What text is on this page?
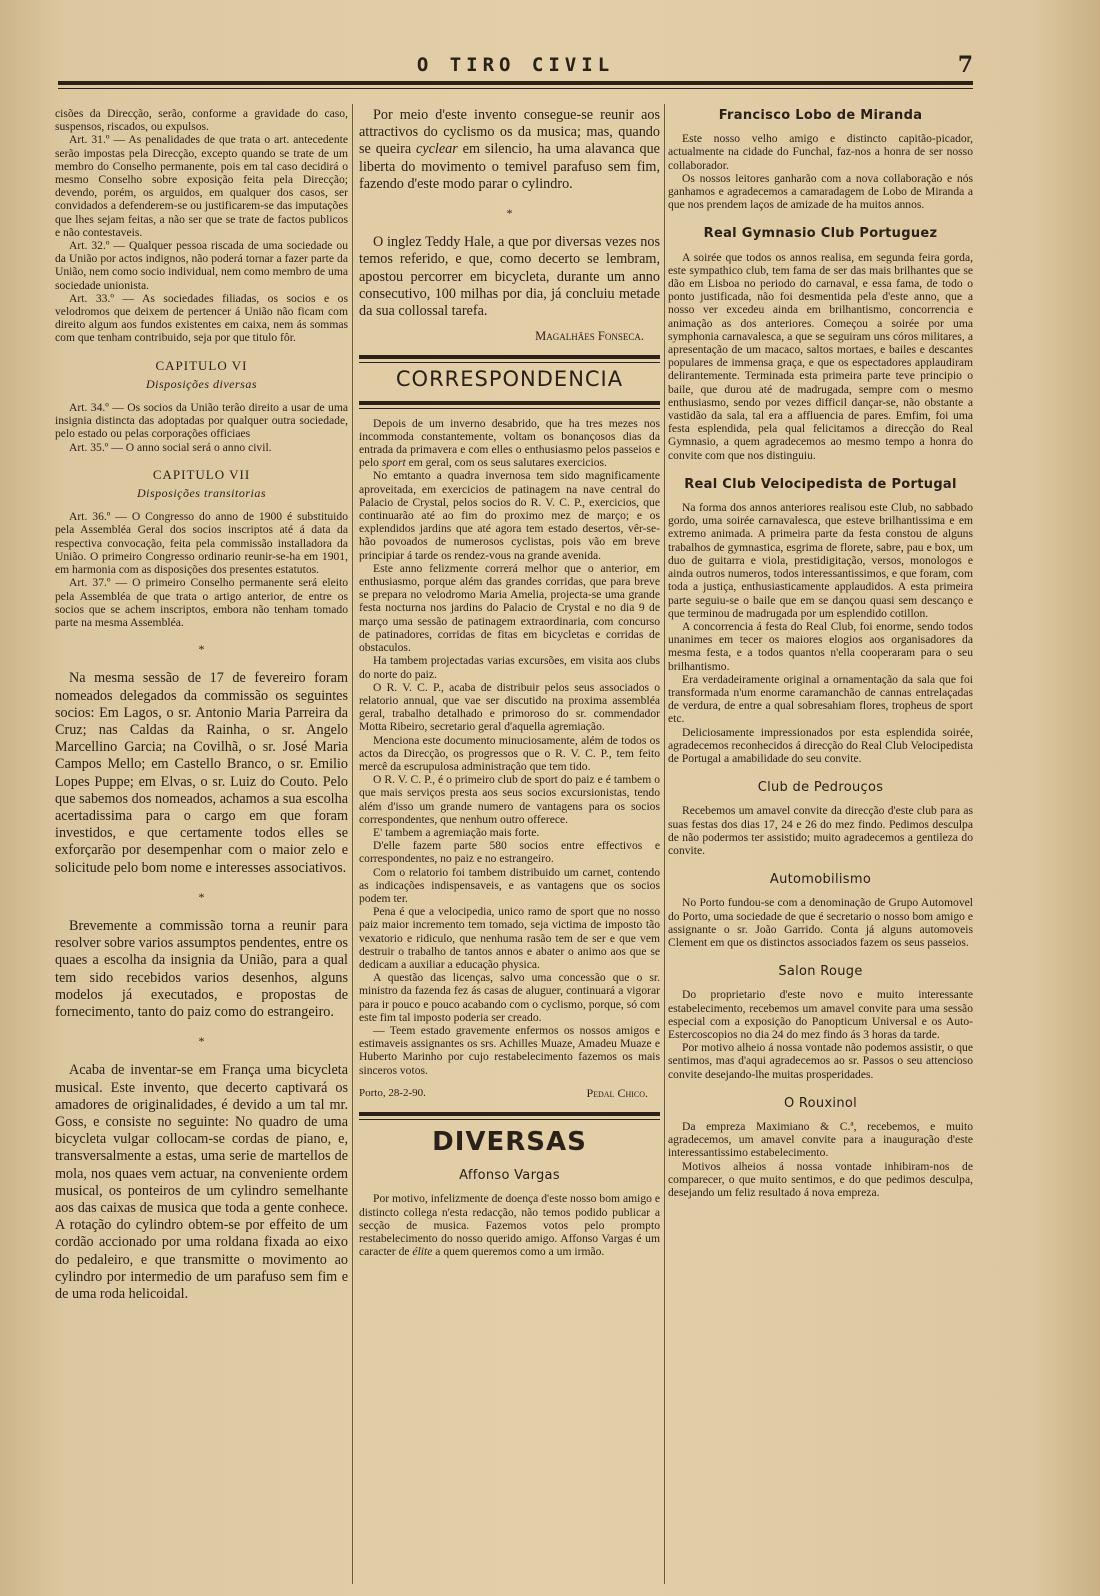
O TIRO CIVIL	7

cisões da Direcção, serão, conforme a gravidade do caso, suspensos, riscados, ou expulsos.

Art. 31.º — As penalidades de que trata o art. antecedente serão impostas pela Direcção, excepto quando se trate de um membro do Conselho permanente, pois em tal caso decidirá o mesmo Conselho sobre exposição feita pela Direcção; devendo, porém, os arguidos, em qualquer dos casos, ser convidados a defenderem-se ou justificarem-se das imputações que lhes sejam feitas, a não ser que se trate de factos publicos e não contestaveis.

Art. 32.º — Qualquer pessoa riscada de uma sociedade ou da União por actos indignos, não poderá tornar a fazer parte da União, nem como socio individual, nem como membro de uma sociedade unionista.

Art. 33.º — As sociedades filiadas, os socios e os velodromos que deixem de pertencer á União não ficam com direito algum aos fundos existentes em caixa, nem ás sommas com que tenham contribuido, seja por que titulo fôr.

CAPITULO VI
Disposições diversas

Art. 34.º — Os socios da União terão direito a usar de uma insignia distincta das adoptadas por qualquer outra sociedade, pelo estado ou pelas corporações officiaes

Art. 35.º — O anno social será o anno civil.

CAPITULO VII
Disposições transitorias

Art. 36.º — O Congresso do anno de 1900 é substituido pela Assembléa Geral dos socios inscriptos até á data da respectiva convocação, feita pela commissão installadora da União. O primeiro Congresso ordinario reunir-se-ha em 1901, em harmonia com as disposições dos presentes estatutos.

Art. 37.º — O primeiro Conselho permanente será eleito pela Assembléa de que trata o artigo anterior, de entre os socios que se achem inscriptos, embora não tenham tomado parte na mesma Assembléa.

*

Na mesma sessão de 17 de fevereiro foram nomeados delegados da commissão os seguintes socios: Em Lagos, o sr. Antonio Maria Parreira da Cruz; nas Caldas da Rainha, o sr. Angelo Marcellino Garcia; na Covilhã, o sr. José Maria Campos Mello; em Castello Branco, o sr. Emilio Lopes Puppe; em Elvas, o sr. Luiz do Couto. Pelo que sabemos dos nomeados, achamos a sua escolha acertadissima para o cargo em que foram investidos, e que certamente todos elles se exforçarão por desempenhar com o maior zelo e solicitude pelo bom nome e interesses associativos.

*

Brevemente a commissão torna a reunir para resolver sobre varios assumptos pendentes, entre os quaes a escolha da insignia da União, para a qual tem sido recebidos varios desenhos, alguns modelos já executados, e propostas de fornecimento, tanto do paiz como do estrangeiro.

*

Acaba de inventar-se em França uma bicycleta musical. Este invento, que decerto captivará os amadores de originalidades, é devido a um tal mr. Goss, e consiste no seguinte: No quadro de uma bicycleta vulgar collocam-se cordas de piano, e, transversalmente a estas, uma serie de martellos de mola, nos quaes vem actuar, na conveniente ordem musical, os ponteiros de um cylindro semelhante aos das caixas de musica que toda a gente conhece. A rotação do cylindro obtem-se por effeito de um cordão accionado por uma roldana fixada ao eixo do pedaleiro, e que transmitte o movimento ao cylindro por intermedio de um parafuso sem fim e de uma roda helicoidal.

Por meio d'este invento consegue-se reunir aos attractivos do cyclismo os da musica; mas, quando se queira cyclear em silencio, ha uma alavanca que liberta do movimento o temivel parafuso sem fim, fazendo d'este modo parar o cylindro.

*

O inglez Teddy Hale, a que por diversas vezes nos temos referido, e que, como decerto se lembram, apostou percorrer em bicycleta, durante um anno consecutivo, 100 milhas por dia, já concluiu metade da sua collossal tarefa.

Magalhães Fonseca.
CORRESPONDENCIA

Depois de um inverno desabrido, que ha tres mezes nos incommoda constantemente, voltam os bonançosos dias da entrada da primavera e com elles o enthusiasmo pelos passeios e pelo sport em geral, com os seus salutares exercicios.

No emtanto a quadra invernosa tem sido magnificamente aproveitada, em exercicios de patinagem na nave central do Palacio de Crystal, pelos socios do R. V. C. P., exercicios, que continuarão até ao fim do proximo mez de março; e os explendidos jardins que até agora tem estado desertos, vêr-se-hão povoados de numerosos cyclistas, pois vão em breve principiar á tarde os rendez-vous na grande avenida.

Este anno felizmente correrá melhor que o anterior, em enthusiasmo, porque além das grandes corridas, que para breve se prepara no velodromo Maria Amelia, projecta-se uma grande festa nocturna nos jardins do Palacio de Crystal e no dia 9 de março uma sessão de patinagem extraordinaria, com concurso de patinadores, corridas de fitas em bicycletas e corridas de obstaculos.

Ha tambem projectadas varias excursões, em visita aos clubs do norte do paiz.

O R. V. C. P., acaba de distribuir pelos seus associados o relatorio annual, que vae ser discutido na proxima assembléa geral, trabalho detalhado e primoroso do sr. commendador Motta Ribeiro, secretario geral d'aquella agremiação.

Menciona este documento minuciosamente, além de todos os actos da Direcção, os progressos que o R. V. C. P., tem feito mercê da escrupulosa administração que tem tido.

O R. V. C. P., é o primeiro club de sport do paiz e é tambem o que mais serviços presta aos seus socios excursionistas, tendo além d'isso um grande numero de vantagens para os socios correspondentes, que nenhum outro offerece.

E' tambem a agremiação mais forte.

D'elle fazem parte 580 socios entre effectivos e correspondentes, no paiz e no estrangeiro.

Com o relatorio foi tambem distribuido um carnet, contendo as indicações indispensaveis, e as vantagens que os socios podem ter.

Pena é que a velocipedia, unico ramo de sport que no nosso paiz maior incremento tem tomado, seja victima de imposto tão vexatorio e ridiculo, que nenhuma rasão tem de ser e que vem destruir o trabalho de tantos annos e abater o animo aos que se dedicam a auxiliar a educação physica.

A questão das licenças, salvo uma concessão que o sr. ministro da fazenda fez ás casas de aluguer, continuará a vigorar para ir pouco e pouco acabando com o cyclismo, porque, só com este fim tal imposto poderia ser creado.

— Teem estado gravemente enfermos os nossos amigos e estimaveis assignantes os srs. Achilles Muaze, Amadeu Muaze e Huberto Marinho por cujo restabelecimento fazemos os mais sinceros votos.

Porto, 28-2-90.	Pedal Chico.
DIVERSAS
Affonso Vargas

Por motivo, infelizmente de doença d'este nosso bom amigo e distincto collega n'esta redacção, não temos podido publicar a secção de musica. Fazemos votos pelo prompto restabelecimento do nosso querido amigo. Affonso Vargas é um caracter de élite a quem queremos como a um irmão.

Francisco Lobo de Miranda

Este nosso velho amigo e distincto capitão-picador, actualmente na cidade do Funchal, faz-nos a honra de ser nosso collaborador.

Os nossos leitores ganharão com a nova collaboração e nós ganhamos e agradecemos a camaradagem de Lobo de Miranda a que nos prendem laços de amizade de ha muitos annos.

Real Gymnasio Club Portuguez

A soirée que todos os annos realisa, em segunda feira gorda, este sympathico club, tem fama de ser das mais brilhantes que se dão em Lisboa no periodo do carnaval, e essa fama, de todo o ponto justificada, não foi desmentida pela d'este anno, que a nosso ver excedeu ainda em brilhantismo, concorrencia e animação as dos anteriores. Começou a soirée por uma symphonia carnavalesca, a que se seguiram uns córos militares, a apresentação de um macaco, saltos mortaes, e bailes e descantes populares de immensa graça, e que os espectadores applaudiram delirantemente. Terminada esta primeira parte teve principio o baile, que durou até de madrugada, sempre com o mesmo enthusiasmo, sendo por vezes difficil dançar-se, não obstante a vastidão da sala, tal era a affluencia de pares. Emfim, foi uma festa esplendida, pela qual felicitamos a direcção do Real Gymnasio, a quem agradecemos ao mesmo tempo a honra do convite com que nos distinguiu.

Real Club Velocipedista de Portugal

Na forma dos annos anteriores realisou este Club, no sabbado gordo, uma soirée carnavalesca, que esteve brilhantissima e em extremo animada. A primeira parte da festa constou de alguns trabalhos de gymnastica, esgrima de florete, sabre, pau e box, um duo de guitarra e viola, prestidigitação, versos, monologos e ainda outros numeros, todos interessantissimos, e que foram, com toda a justiça, enthusiasticamente applaudidos. A esta primeira parte seguiu-se o baile que em se dançou quasi sem descanço e que terminou de madrugada por um esplendido cotillon.

A concorrencia á festa do Real Club, foi enorme, sendo todos unanimes em tecer os maiores elogios aos organisadores da mesma festa, e a todos quantos n'ella cooperaram para o seu brilhantismo.

Era verdadeiramente original a ornamentação da sala que foi transformada n'um enorme caramanchão de cannas entrelaçadas de verdura, de entre a qual sobresahiam flores, tropheus de sport etc.

Deliciosamente impressionados por esta esplendida soirée, agradecemos reconhecidos á direcção do Real Club Velocipedista de Portugal a amabilidade do seu convite.

Club de Pedrouços

Recebemos um amavel convite da direcção d'este club para as suas festas dos dias 17, 24 e 26 do mez findo. Pedimos desculpa de não podermos ter assistido; muito agradecemos a gentileza do convite.

Automobilismo

No Porto fundou-se com a denominação de Grupo Automovel do Porto, uma sociedade de que é secretario o nosso bom amigo e assignante o sr. João Garrido. Conta já alguns automoveis Clement em que os distinctos associados fazem os seus passeios.

Salon Rouge

Do proprietario d'este novo e muito interessante estabelecimento, recebemos um amavel convite para uma sessão especial com a exposição do Panopticum Universal e os Auto-Estercoscopios no dia 24 do mez findo ás 3 horas da tarde.

Por motivo alheio á nossa vontade não podemos assistir, o que sentimos, mas d'aqui agradecemos ao sr. Passos o seu attencioso convite desejando-lhe muitas prosperidades.

O Rouxinol

Da empreza Maximiano & C.ª, recebemos, e muito agradecemos, um amavel convite para a inauguração d'este interessantissimo estabelecimento.

Motivos alheios á nossa vontade inhibiram-nos de comparecer, o que muito sentimos, e do que pedimos desculpa, desejando um feliz resultado á nova empreza.
